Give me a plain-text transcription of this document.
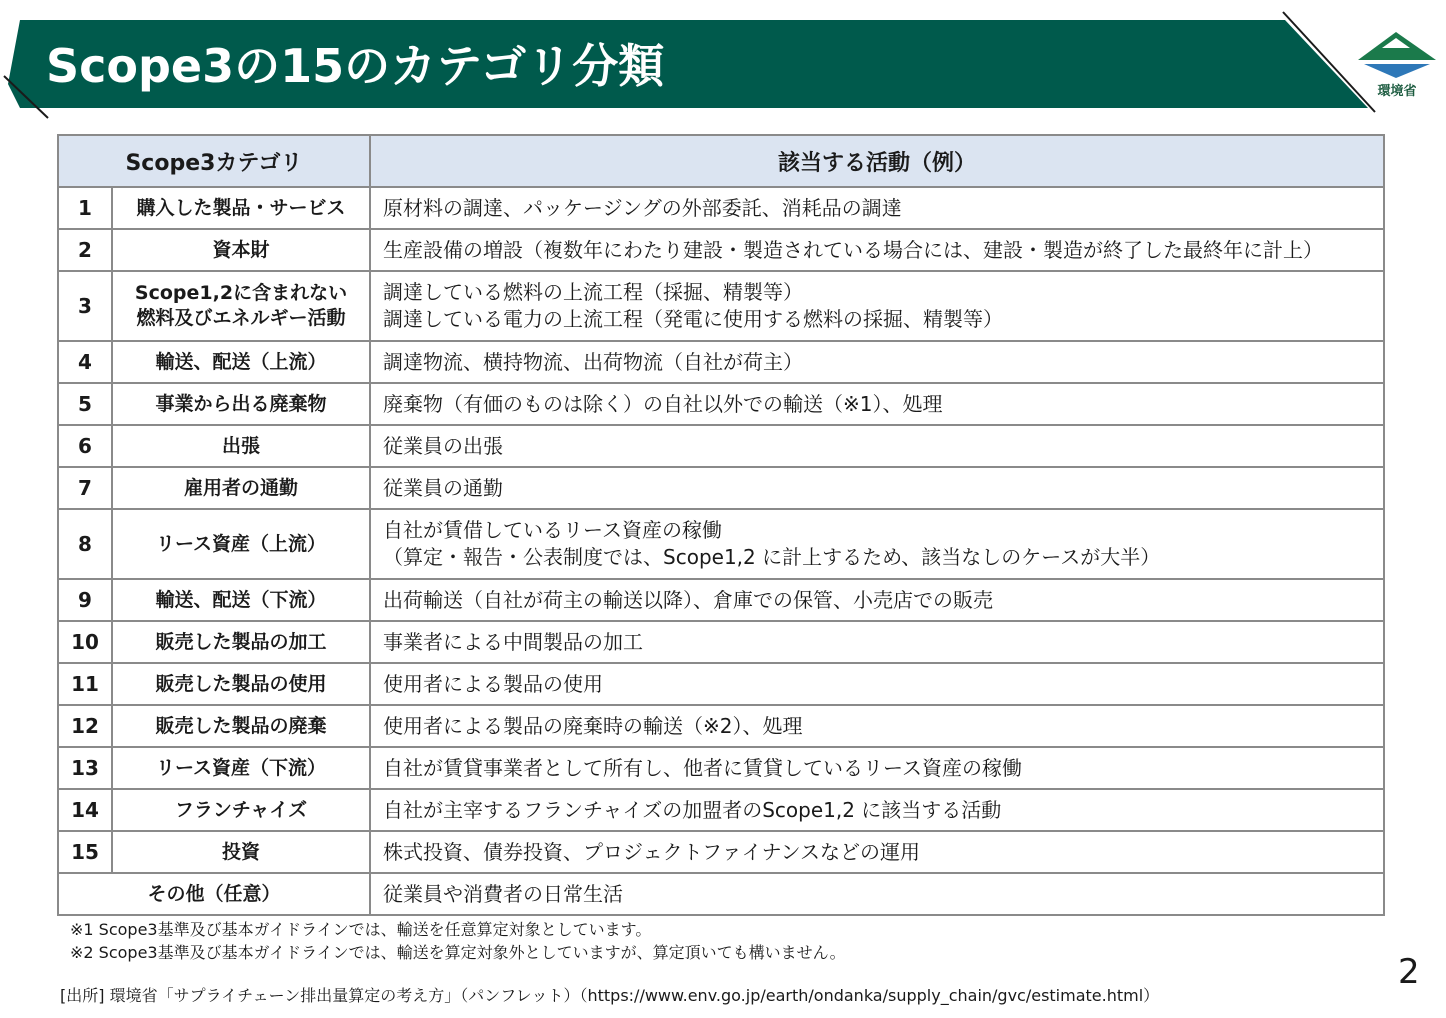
Scope3の15のカテゴリ分類	環境省
Scope3カテゴリ		該当する活動（例）
1	購入した製品・サービス	原材料の調達、パッケージングの外部委託、消耗品の調達

2	資本財	生産設備の増設（複数年にわたり建設・製造されている場合には、建設・製造が終了した最終年に計上）

3	Scope1,2に含まれない
燃料及びエネルギー活動	調達している燃料の上流工程（採掘、精製等）
調達している電力の上流工程（発電に使用する燃料の採掘、精製等）

4	輸送、配送（上流）	調達物流、横持物流、出荷物流（自社が荷主）

5	事業から出る廃棄物	廃棄物（有価のものは除く）の自社以外での輸送（※1）、処理

6	出張	従業員の出張

7	雇用者の通勤	従業員の通勤

8	リース資産（上流）	自社が賃借しているリース資産の稼働
（算定・報告・公表制度では、Scope1,2 に計上するため、該当なしのケースが大半）

9	輸送、配送（下流）	出荷輸送（自社が荷主の輸送以降）、倉庫での保管、小売店での販売

10	販売した製品の加工	事業者による中間製品の加工

11	販売した製品の使用	使用者による製品の使用

12	販売した製品の廃棄	使用者による製品の廃棄時の輸送（※2）、処理

13	リース資産（下流）	自社が賃貸事業者として所有し、他者に賃貸しているリース資産の稼働

14	フランチャイズ	自社が主宰するフランチャイズの加盟者のScope1,2 に該当する活動

15	投資	株式投資、債券投資、プロジェクトファイナンスなどの運用

その他（任意）		従業員や消費者の日常生活
※1 Scope3基準及び基本ガイドラインでは、輸送を任意算定対象としています。
※2 Scope3基準及び基本ガイドラインでは、輸送を算定対象外としていますが、算定頂いても構いません。
[出所] 環境省「サプライチェーン排出量算定の考え方」（パンフレット）（https://www.env.go.jp/earth/ondanka/supply_chain/gvc/estimate.html）
2
